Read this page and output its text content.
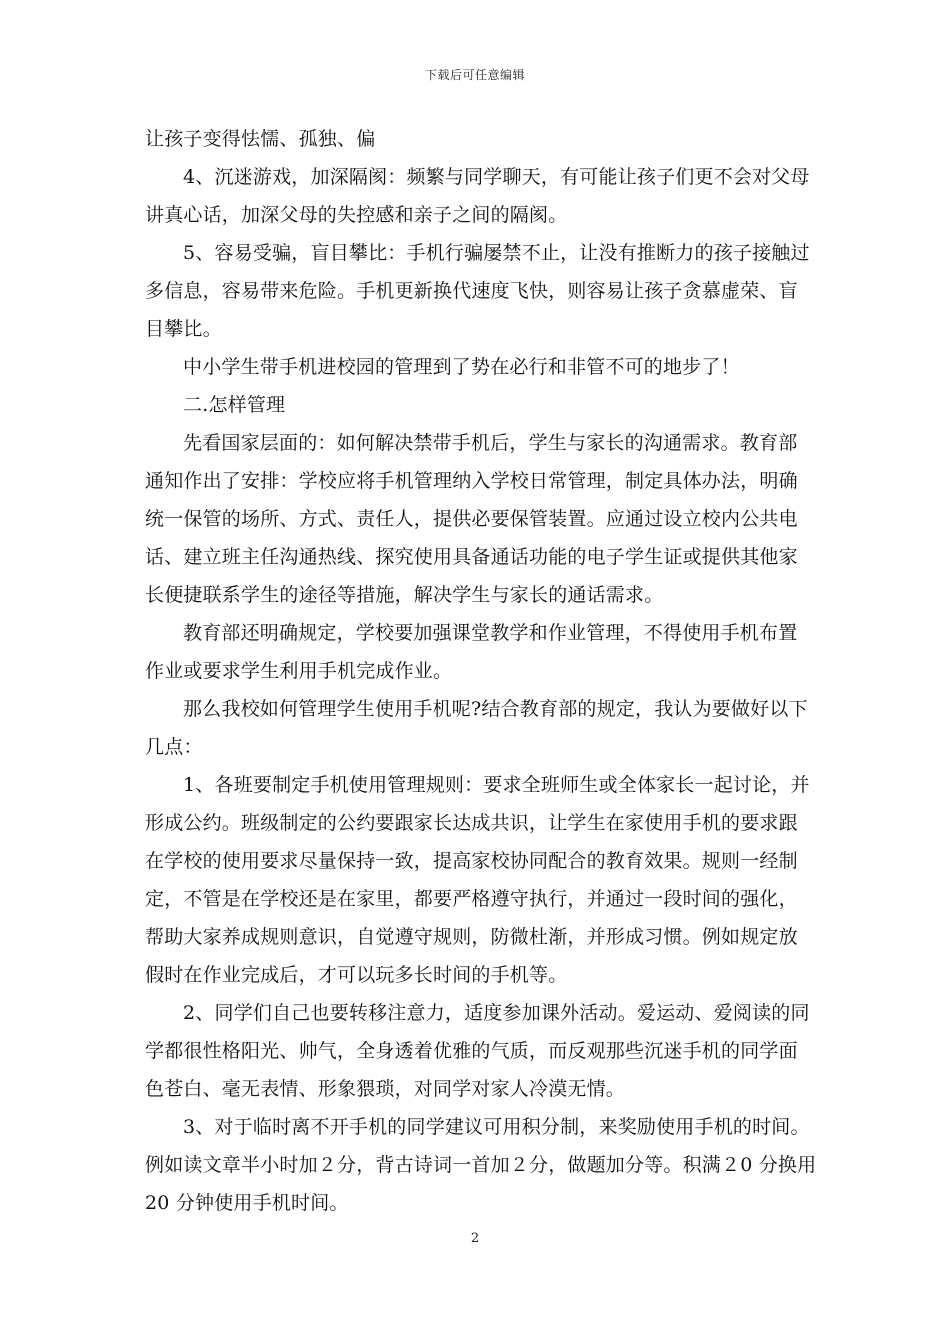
下载后可任意编辑
让孩子变得怯懦、孤独、偏
4、沉迷游戏，加深隔阂：频繁与同学聊天，有可能让孩子们更不会对父母
讲真心话，加深父母的失控感和亲子之间的隔阂。
5、容易受骗，盲目攀比：手机行骗屡禁不止，让没有推断力的孩子接触过
多信息，容易带来危险。手机更新换代速度飞快，则容易让孩子贪慕虚荣、盲
目攀比。
中小学生带手机进校园的管理到了势在必行和非管不可的地步了！
二.怎样管理
先看国家层面的：如何解决禁带手机后，学生与家长的沟通需求。教育部
通知作出了安排：学校应将手机管理纳入学校日常管理，制定具体办法，明确
统一保管的场所、方式、责任人，提供必要保管装置。应通过设立校内公共电
话、建立班主任沟通热线、探究使用具备通话功能的电子学生证或提供其他家
长便捷联系学生的途径等措施，解决学生与家长的通话需求。
教育部还明确规定，学校要加强课堂教学和作业管理，不得使用手机布置
作业或要求学生利用手机完成作业。
那么我校如何管理学生使用手机呢?结合教育部的规定，我认为要做好以下
几点：
1、各班要制定手机使用管理规则：要求全班师生或全体家长一起讨论，并
形成公约。班级制定的公约要跟家长达成共识，让学生在家使用手机的要求跟
在学校的使用要求尽量保持一致，提高家校协同配合的教育效果。规则一经制
定，不管是在学校还是在家里，都要严格遵守执行，并通过一段时间的强化，
帮助大家养成规则意识，自觉遵守规则，防微杜渐，并形成习惯。例如规定放
假时在作业完成后，才可以玩多长时间的手机等。
2、同学们自己也要转移注意力，适度参加课外活动。爱运动、爱阅读的同
学都很性格阳光、帅气，全身透着优雅的气质，而反观那些沉迷手机的同学面
色苍白、毫无表情、形象猥琐，对同学对家人冷漠无情。
3、对于临时离不开手机的同学建议可用积分制，来奖励使用手机的时间。
例如读文章半小时加２分，背古诗词一首加２分，做题加分等。积满２0 分换用
20 分钟使用手机时间。
2
